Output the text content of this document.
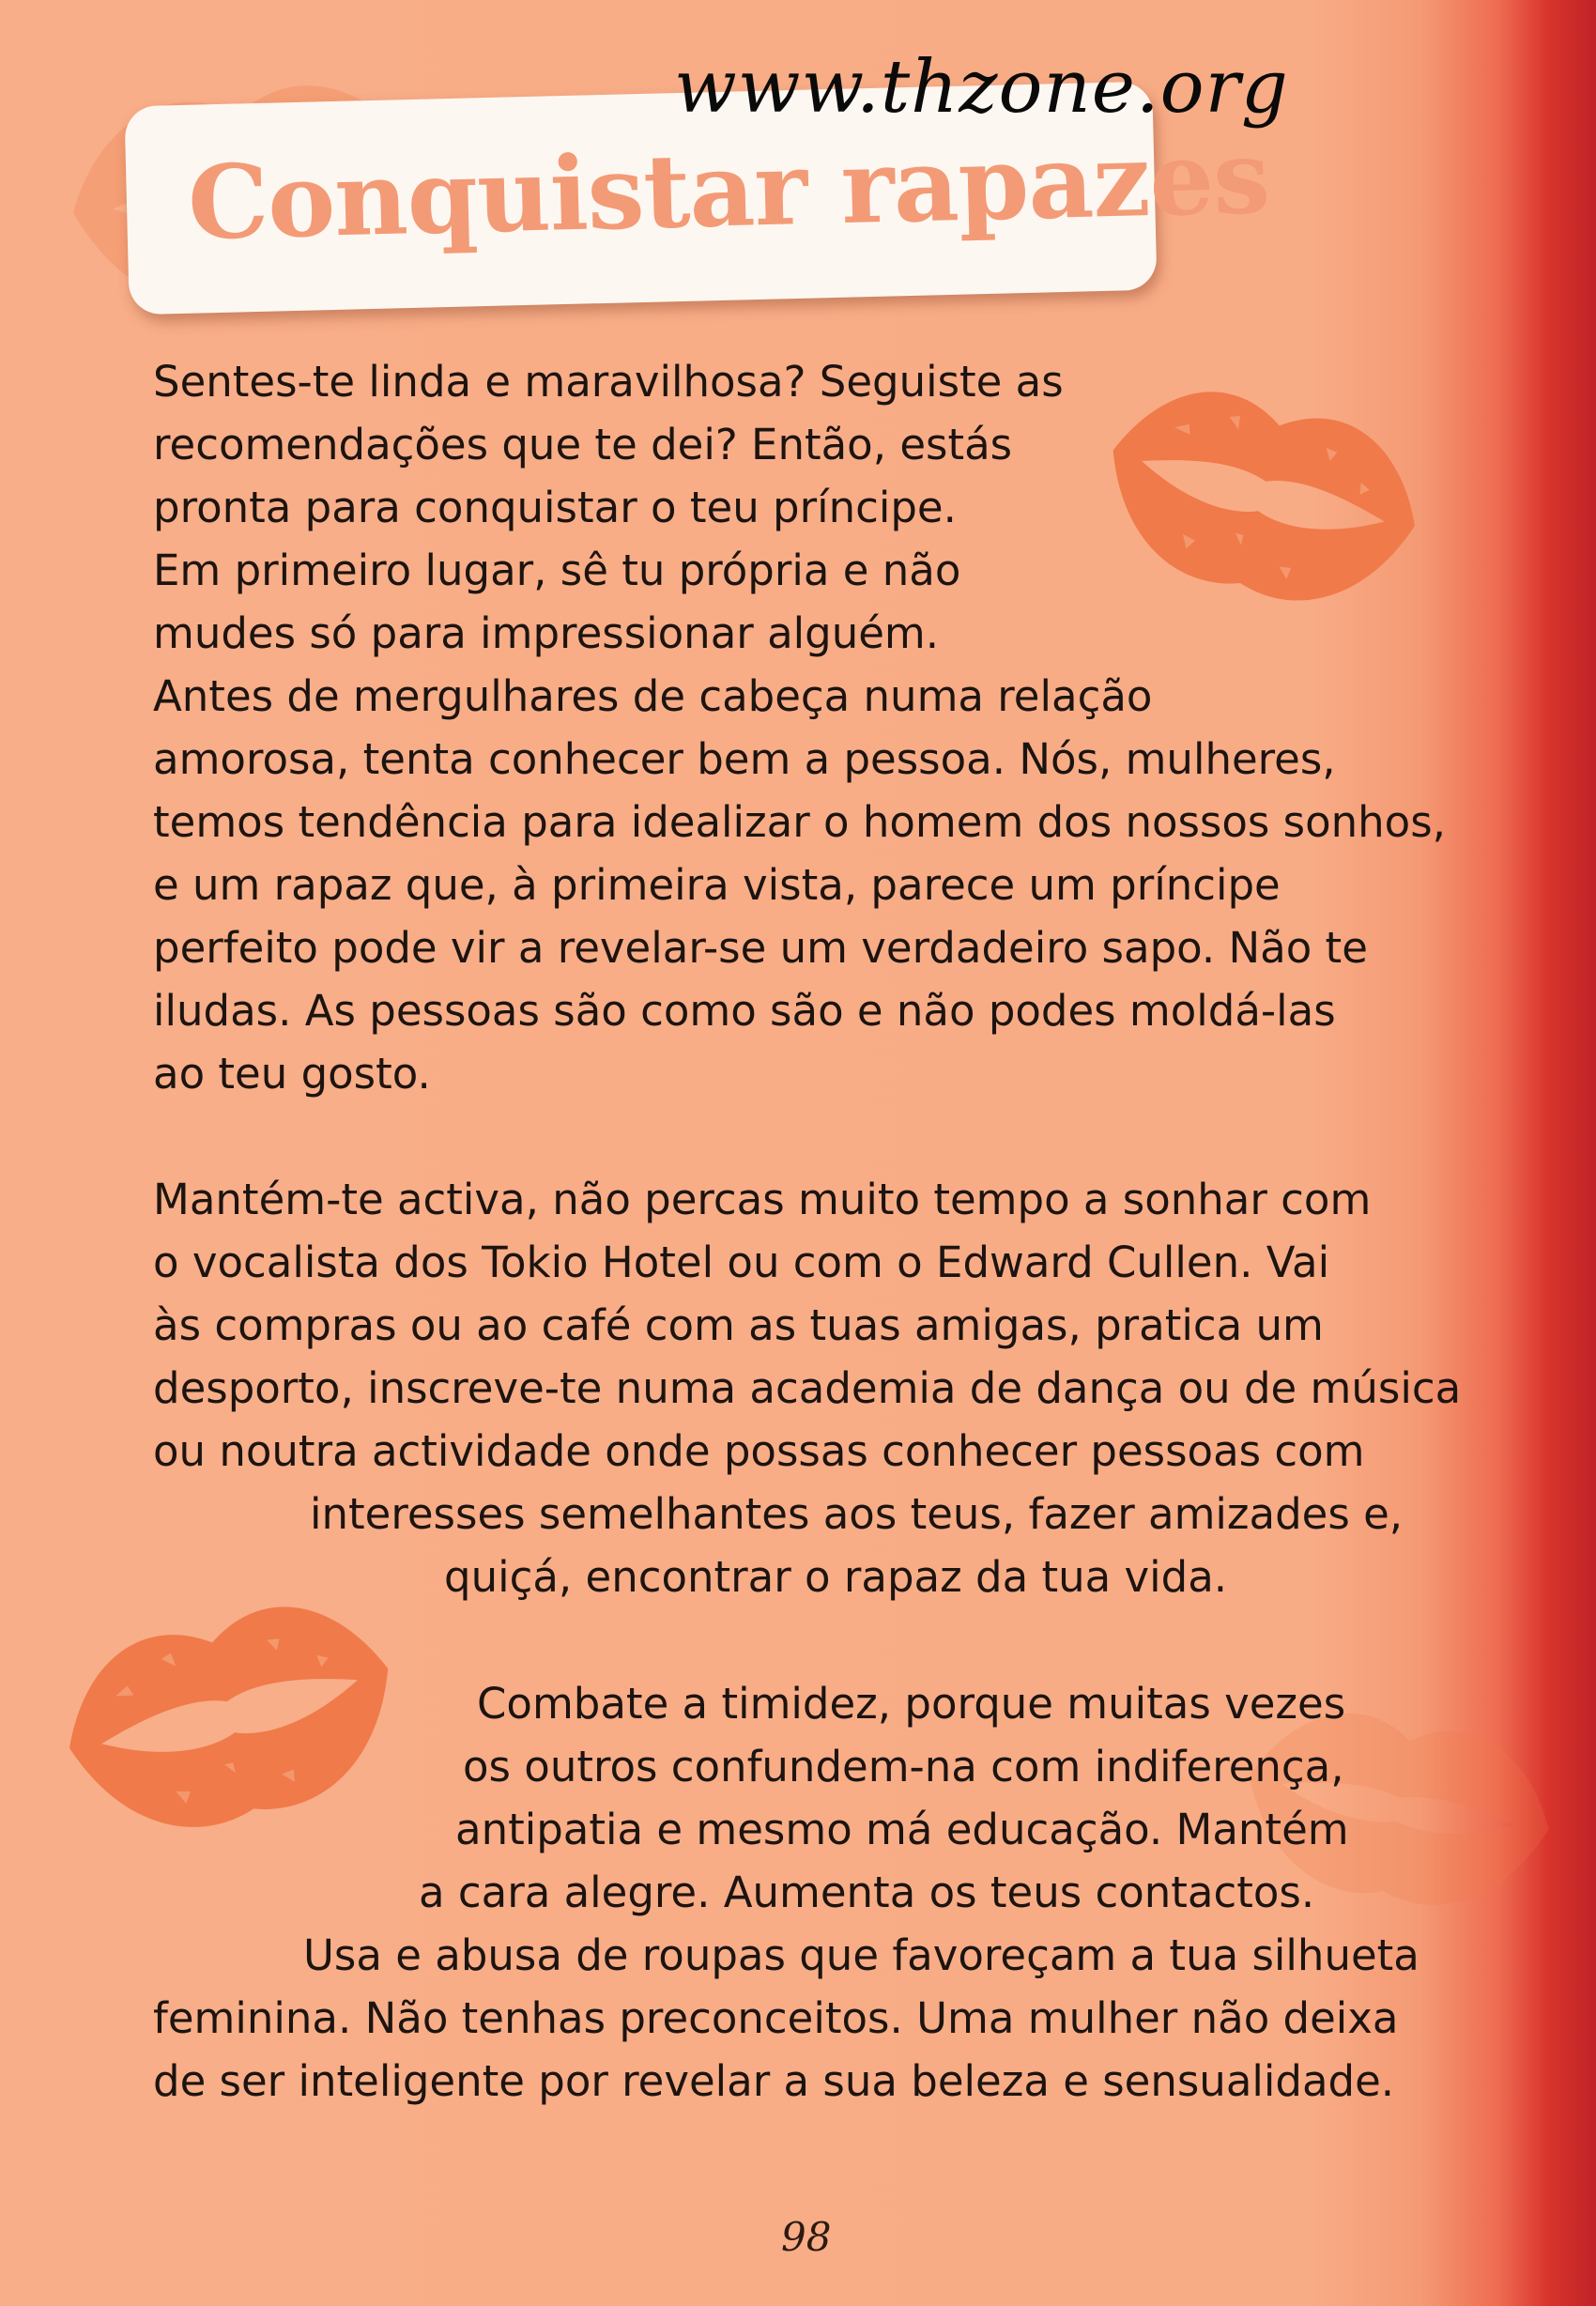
Conquistar rapazes
www.thzone.org
Sentes-te linda e maravilhosa? Seguiste as
recomendações que te dei? Então, estás
pronta para conquistar o teu príncipe.
Em primeiro lugar, sê tu própria e não
mudes só para impressionar alguém.
Antes de mergulhares de cabeça numa relação
amorosa, tenta conhecer bem a pessoa. Nós, mulheres,
temos tendência para idealizar o homem dos nossos sonhos,
e um rapaz que, à primeira vista, parece um príncipe
perfeito pode vir a revelar-se um verdadeiro sapo. Não te
iludas. As pessoas são como são e não podes moldá-las
ao teu gosto.
Mantém-te activa, não percas muito tempo a sonhar com
o vocalista dos Tokio Hotel ou com o Edward Cullen. Vai
às compras ou ao café com as tuas amigas, pratica um
desporto, inscreve-te numa academia de dança ou de música
ou noutra actividade onde possas conhecer pessoas com
interesses semelhantes aos teus, fazer amizades e,
quiçá, encontrar o rapaz da tua vida.
Combate a timidez, porque muitas vezes
os outros confundem-na com indiferença,
antipatia e mesmo má educação. Mantém
a cara alegre. Aumenta os teus contactos.
Usa e abusa de roupas que favoreçam a tua silhueta
feminina. Não tenhas preconceitos. Uma mulher não deixa
de ser inteligente por revelar a sua beleza e sensualidade.
98
